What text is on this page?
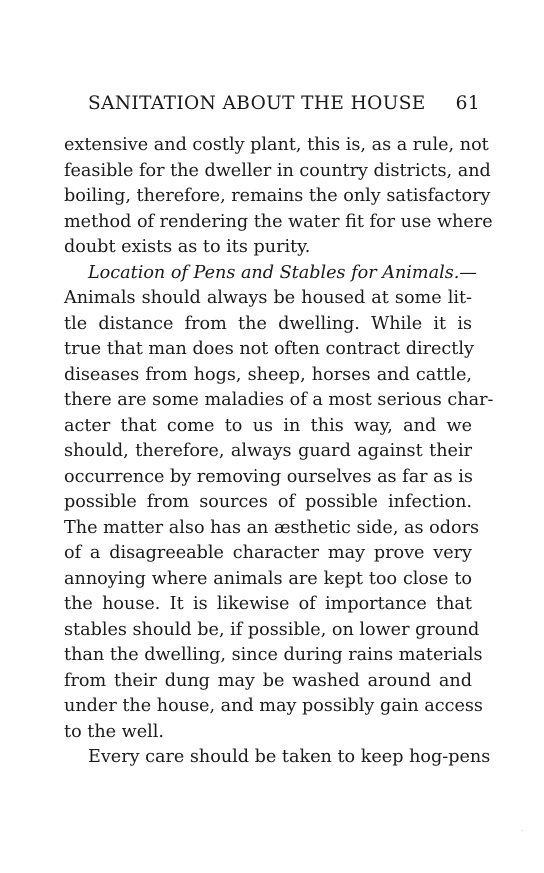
SANITATION ABOUT THE HOUSE 61
extensive and costly plant, this is, as a rule, not
feasible for the dweller in country districts, and
boiling, therefore, remains the only satisfactory
method of rendering the water fit for use where
doubt exists as to its purity.
Location of Pens and Stables for Animals.—
Animals should always be housed at some lit-
tle distance from the dwelling. While it is
true that man does not often contract directly
diseases from hogs, sheep, horses and cattle,
there are some maladies of a most serious char-
acter that come to us in this way, and we
should, therefore, always guard against their
occurrence by removing ourselves as far as is
possible from sources of possible infection.
The matter also has an æsthetic side, as odors
of a disagreeable character may prove very
annoying where animals are kept too close to
the house. It is likewise of importance that
stables should be, if possible, on lower ground
than the dwelling, since during rains materials
from their dung may be washed around and
under the house, and may possibly gain access
to the well.
Every care should be taken to keep hog-pens
